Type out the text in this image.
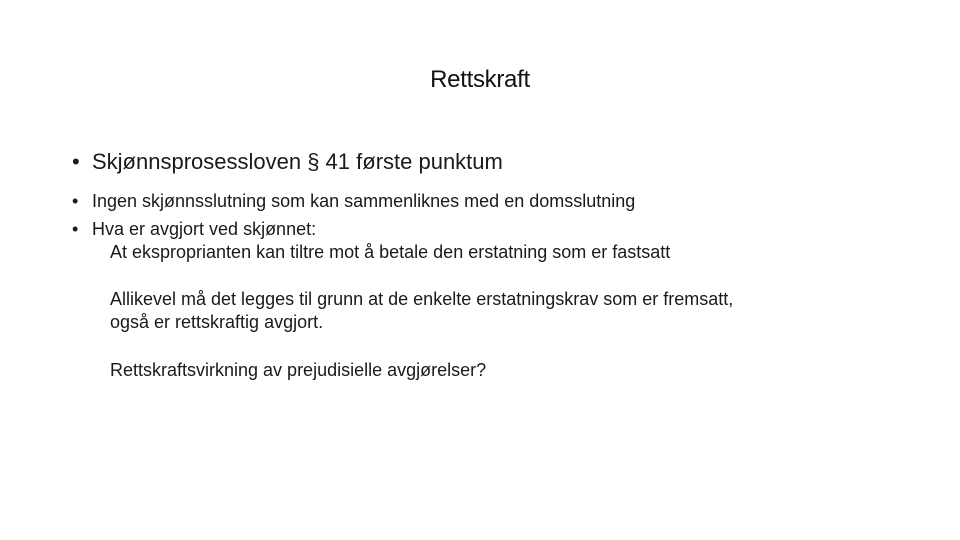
Rettskraft
• Skjønnsprosessloven § 41 første punktum
• Ingen skjønnsslutning som kan sammenliknes med en domsslutning
• Hva er avgjort ved skjønnet:

At eksproprianten kan tiltre mot å betale den erstatning som er fastsatt

Allikevel må det legges til grunn at de enkelte erstatningskrav som er fremsatt,

også er rettskraftig avgjort.

Rettskraftsvirkning av prejudisielle avgjørelser?
